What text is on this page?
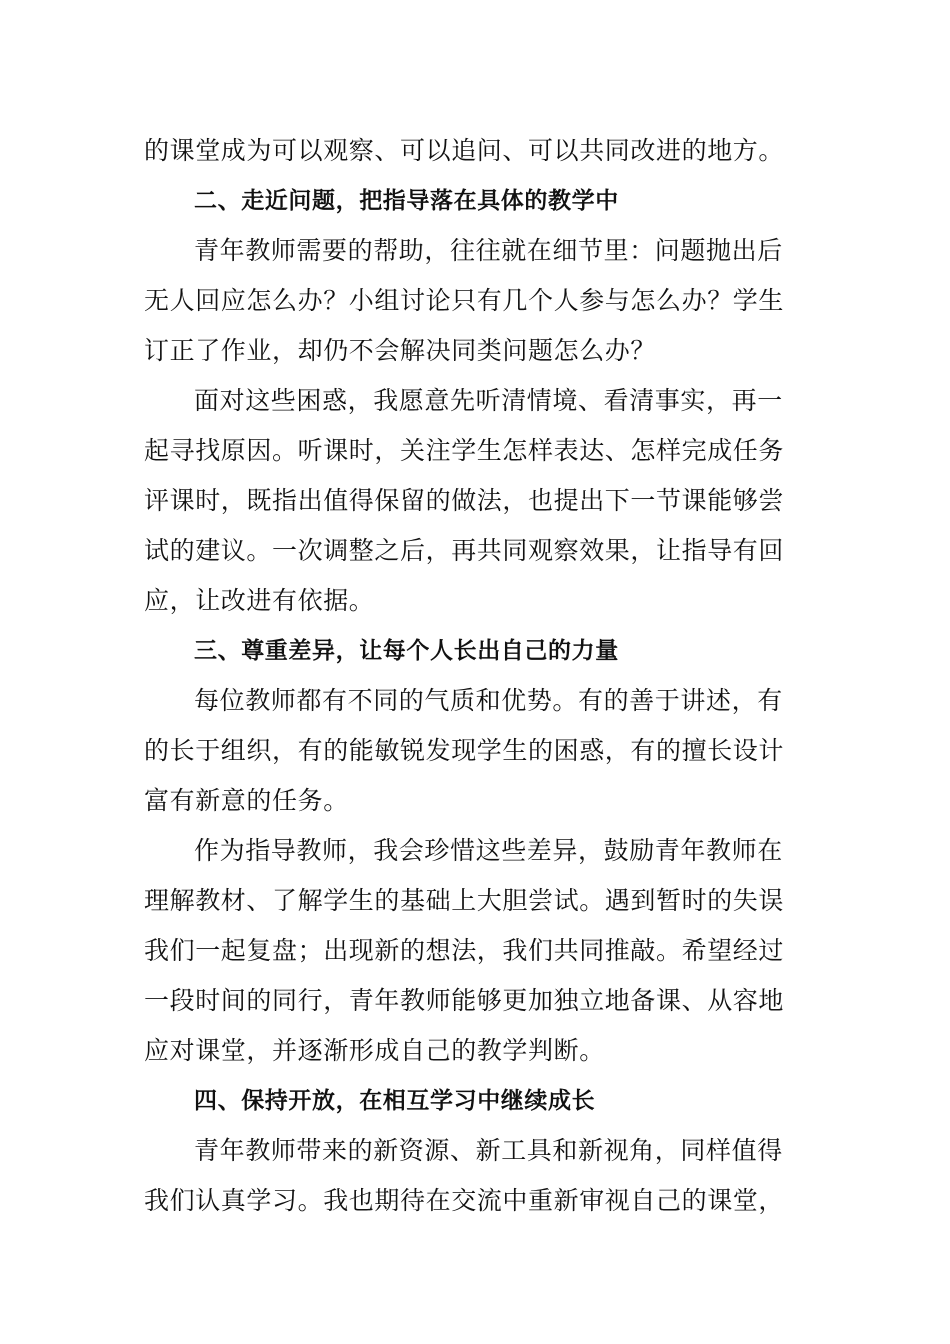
的课堂成为可以观察、可以追问、可以共同改进的地方。
二、走近问题，把指导落在具体的教学中
青年教师需要的帮助，往往就在细节里：问题抛出后
无人回应怎么办？小组讨论只有几个人参与怎么办？学生
订正了作业，却仍不会解决同类问题怎么办？
面对这些困惑，我愿意先听清情境、看清事实，再一
起寻找原因。听课时，关注学生怎样表达、怎样完成任务
评课时，既指出值得保留的做法，也提出下一节课能够尝
试的建议。一次调整之后，再共同观察效果，让指导有回
应，让改进有依据。
三、尊重差异，让每个人长出自己的力量
每位教师都有不同的气质和优势。有的善于讲述，有
的长于组织，有的能敏锐发现学生的困惑，有的擅长设计
富有新意的任务。
作为指导教师，我会珍惜这些差异，鼓励青年教师在
理解教材、了解学生的基础上大胆尝试。遇到暂时的失误
我们一起复盘；出现新的想法，我们共同推敲。希望经过
一段时间的同行，青年教师能够更加独立地备课、从容地
应对课堂，并逐渐形成自己的教学判断。
四、保持开放，在相互学习中继续成长
青年教师带来的新资源、新工具和新视角，同样值得
我们认真学习。我也期待在交流中重新审视自己的课堂，
